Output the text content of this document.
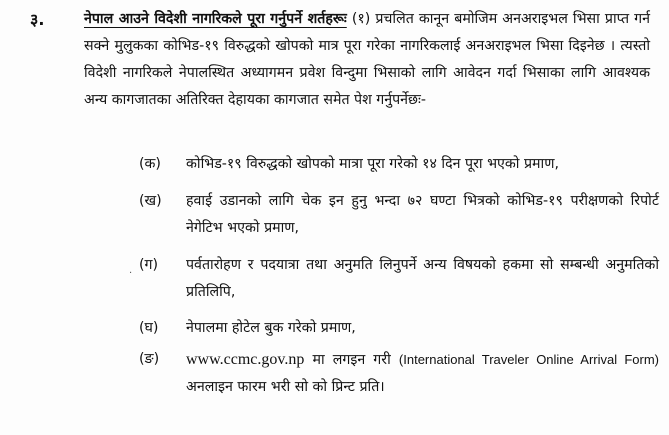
३.	नेपाल आउने विदेशी नागरिकले पूरा गर्नुपर्ने शर्तहरूः (१) प्रचलित कानून बमोजिम अनअराइभल भिसा प्राप्त गर्न सक्ने मुलुकका कोभिड-१९ विरुद्धको खोपको मात्र पूरा गरेका नागरिकलाई अनअराइभल भिसा दिइनेछ । त्यस्तो विदेशी नागरिकले नेपालस्थित अध्यागमन प्रवेश विन्दुमा भिसाको लागि आवेदन गर्दा भिसाका लागि आवश्यक अन्य कागजातका अतिरिक्त देहायका कागजात समेत पेश गर्नुपर्नेछः-
(क)	कोभिड-१९ विरुद्धको खोपको मात्रा पूरा गरेको १४ दिन पूरा भएको प्रमाण,
(ख)	हवाई उडानको लागि चेक इन हुनु भन्दा ७२ घण्टा भित्रको कोभिड-१९ परीक्षणको रिपोर्ट नेगेटिभ भएको प्रमाण,
. (ग)	पर्वतारोहण र पदयात्रा तथा अनुमति लिनुपर्ने अन्य विषयको हकमा सो सम्बन्धी अनुमतिको प्रतिलिपि,
(घ)	नेपालमा होटेल बुक गरेको प्रमाण,
(ङ)	www.ccmc.gov.np मा लगइन गरी (International Traveler Online Arrival Form) अनलाइन फारम भरी सो को प्रिन्ट प्रति।
